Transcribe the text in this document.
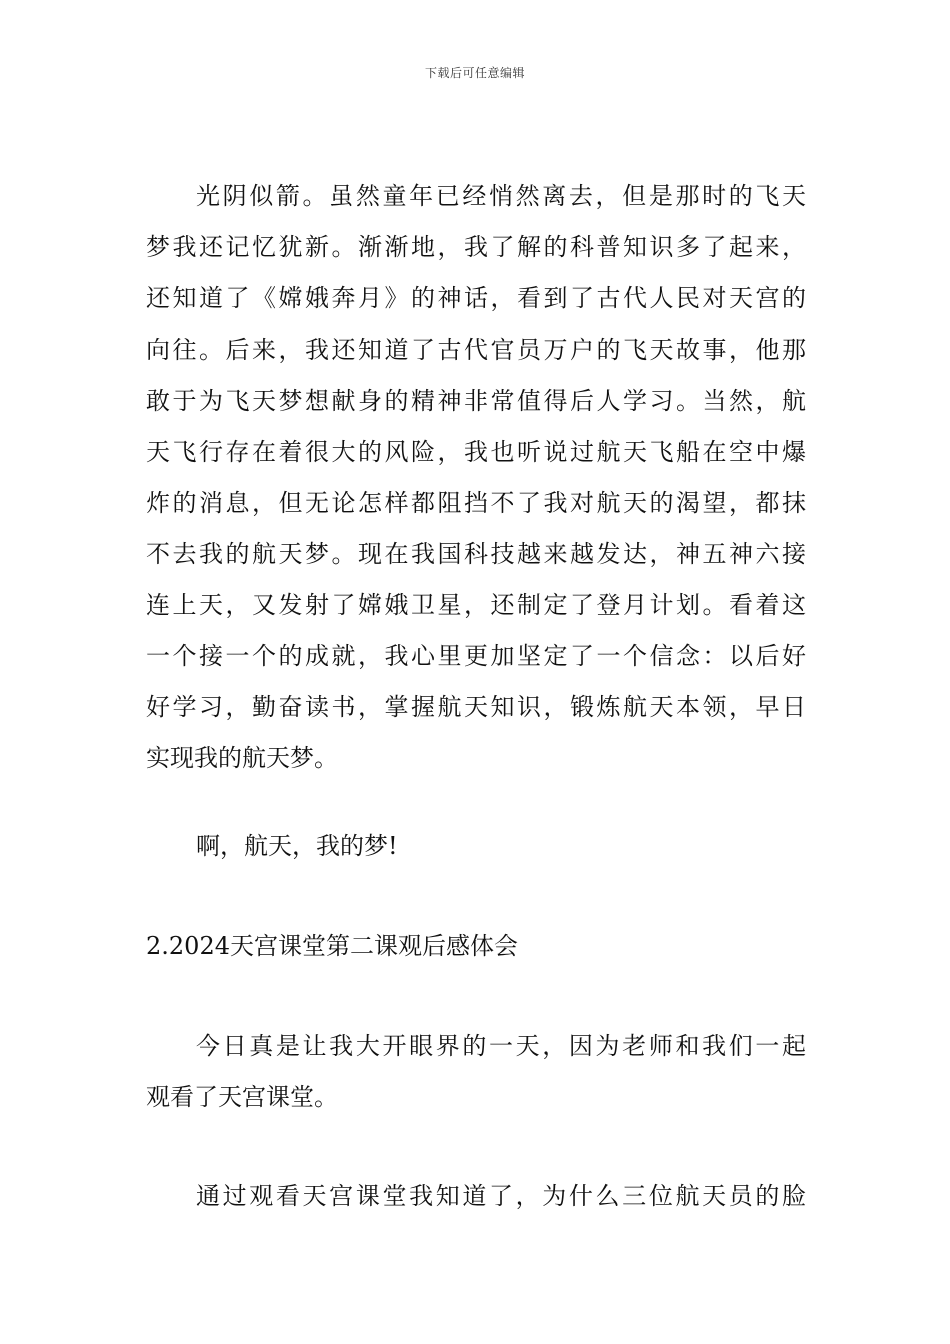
下载后可任意编辑
光阴似箭。虽然童年已经悄然离去，但是那时的飞天
梦我还记忆犹新。渐渐地，我了解的科普知识多了起来，
还知道了《嫦娥奔月》的神话，看到了古代人民对天宫的
向往。后来，我还知道了古代官员万户的飞天故事，他那
敢于为飞天梦想献身的精神非常值得后人学习。当然，航
天飞行存在着很大的风险，我也听说过航天飞船在空中爆
炸的消息，但无论怎样都阻挡不了我对航天的渴望，都抹
不去我的航天梦。现在我国科技越来越发达，神五神六接
连上天，又发射了嫦娥卫星，还制定了登月计划。看着这
一个接一个的成就，我心里更加坚定了一个信念：以后好
好学习，勤奋读书，掌握航天知识，锻炼航天本领，早日
实现我的航天梦。
啊，航天，我的梦!
2.2024天宫课堂第二课观后感体会
今日真是让我大开眼界的一天，因为老师和我们一起
观看了天宫课堂。
通过观看天宫课堂我知道了，为什么三位航天员的脸
